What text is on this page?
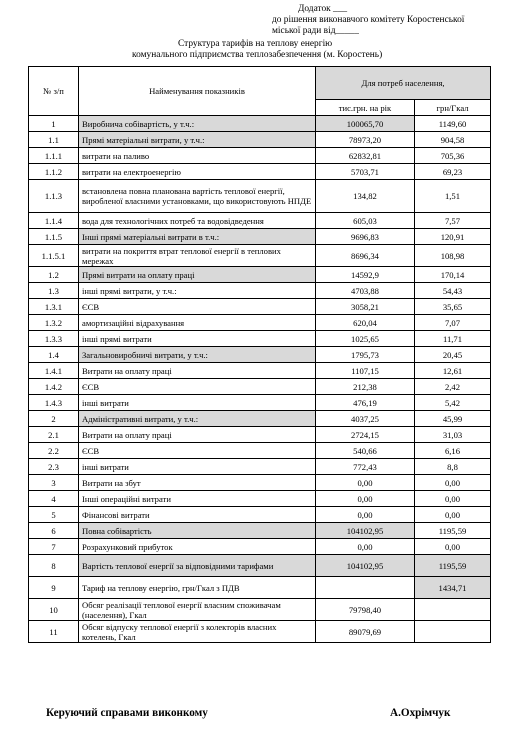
Додаток ___
до рішення виконавчого комітету Коростенської
міської ради від_____
Структура тарифів на теплову енергію
комунального підприємства теплозабезпечення (м. Коростень)
№ з/п	Найменування показників	Для потреб населення,	
		тис.грн. на рік	грн/Гкал
1	Виробнича собівартість, у т.ч.:	100065,70	1149,60
1.1	Прямі матеріальні витрати, у т.ч.:	78973,20	904,58
1.1.1	витрати на паливо	62832,81	705,36
1.1.2	витрати на електроенергію	5703,71	69,23
1.1.3	встановлена повна планована вартість теплової енергії, виробленої власними установками, що використовують НПДЕ	134,82	1,51
1.1.4	вода для технологічних потреб та водовідведення	605,03	7,57
1.1.5	Інші прямі матеріальні витрати в т.ч.:	9696,83	120,91
1.1.5.1	витрати на покриття втрат теплової енергії в теплових мережах	8696,34	108,98
1.2	Прямі витрати на оплату праці	14592,9	170,14
1.3	інші прямі витрати, у т.ч.:	4703,88	54,43
1.3.1	ЄСВ	3058,21	35,65
1.3.2	амортизаційні відрахування	620,04	7,07
1.3.3	інші прямі витрати	1025,65	11,71
1.4	Загальновиробничі витрати, у т.ч.:	1795,73	20,45
1.4.1	Витрати на оплату праці	1107,15	12,61
1.4.2	ЄСВ	212,38	2,42
1.4.3	інші витрати	476,19	5,42
2	Адміністративні витрати, у т.ч.:	4037,25	45,99
2.1	Витрати на оплату праці	2724,15	31,03
2.2	ЄСВ	540,66	6,16
2.3	інші витрати	772,43	8,8
3	Витрати на збут	0,00	0,00
4	Інші операційні витрати	0,00	0,00
5	Фінансові витрати	0,00	0,00
6	Повна собівартість	104102,95	1195,59
7	Розрахунковий прибуток	0,00	0,00
8	Вартість теплової енергії за відповідними тарифами	104102,95	1195,59
9	Тариф на теплову енергію, грн/Гкал з ПДВ		1434,71
10	Обсяг реалізації теплової енергії власним споживачам (населення), Гкал	79798,40	
11	Обсяг відпуску теплової енергії з колекторів власних котелень, Гкал	89079,69	
Керуючий справами виконкому	А.Охрімчук
